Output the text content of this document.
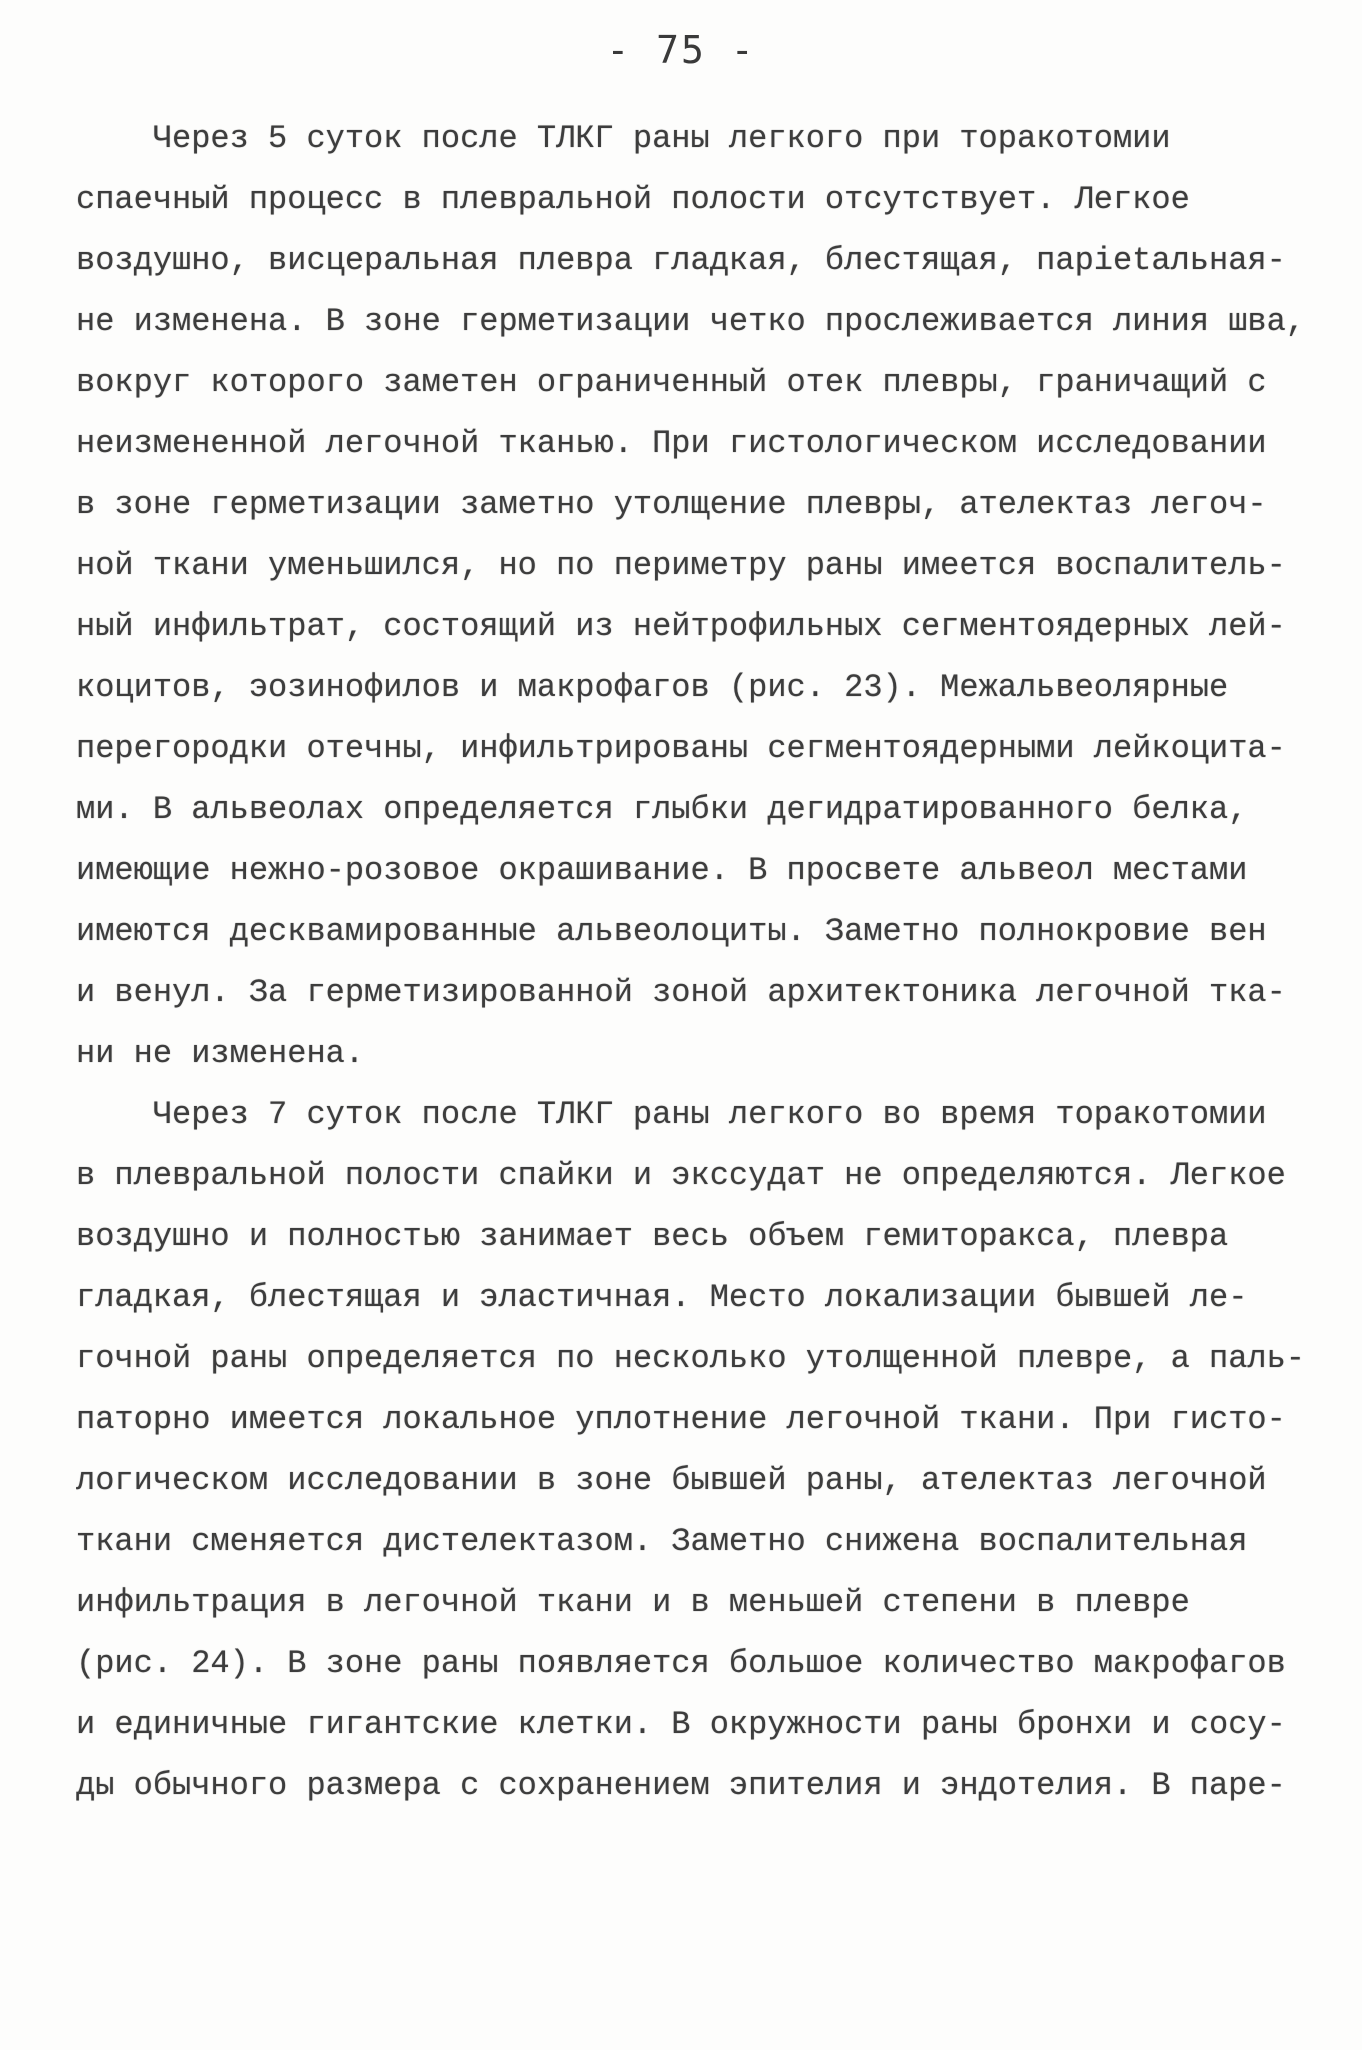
- 75 -
Через 5 суток после ТЛКГ раны легкого при торакотомии
спаечный процесс в плевральной полости отсутствует. Легкое
воздушно, висцеральная плевра гладкая, блестящая, парietальная-
не изменена. В зоне герметизации четко прослеживается линия шва,
вокруг которого заметен ограниченный отек плевры, граничащий с
неизмененной легочной тканью. При гистологическом исследовании
в зоне герметизации заметно утолщение плевры, ателектаз легоч-
ной ткани уменьшился, но по периметру раны имеется воспалитель-
ный инфильтрат, состоящий из нейтрофильных сегментоядерных лей-
коцитов, эозинофилов и макрофагов (рис. 23). Межальвеолярные
перегородки отечны, инфильтрированы сегментоядерными лейкоцита-
ми. В альвеолах определяется глыбки дегидратированного белка,
имеющие нежно-розовое окрашивание. В просвете альвеол местами
имеются десквамированные альвеолоциты. Заметно полнокровие вен
и венул. За герметизированной зоной архитектоника легочной тка-
ни не изменена.
Через 7 суток после ТЛКГ раны легкого во время торакотомии
в плевральной полости спайки и экссудат не определяются. Легкое
воздушно и полностью занимает весь объем гемиторакса, плевра
гладкая, блестящая и эластичная. Место локализации бывшей ле-
гочной раны определяется по несколько утолщенной плевре, а паль-
паторно имеется локальное уплотнение легочной ткани. При гисто-
логическом исследовании в зоне бывшей раны, ателектаз легочной
ткани сменяется дистелектазом. Заметно снижена воспалительная
инфильтрация в легочной ткани и в меньшей степени в плевре
(рис. 24). В зоне раны появляется большое количество макрофагов
и единичные гигантские клетки. В окружности раны бронхи и сосу-
ды обычного размера с сохранением эпителия и эндотелия. В паре-
